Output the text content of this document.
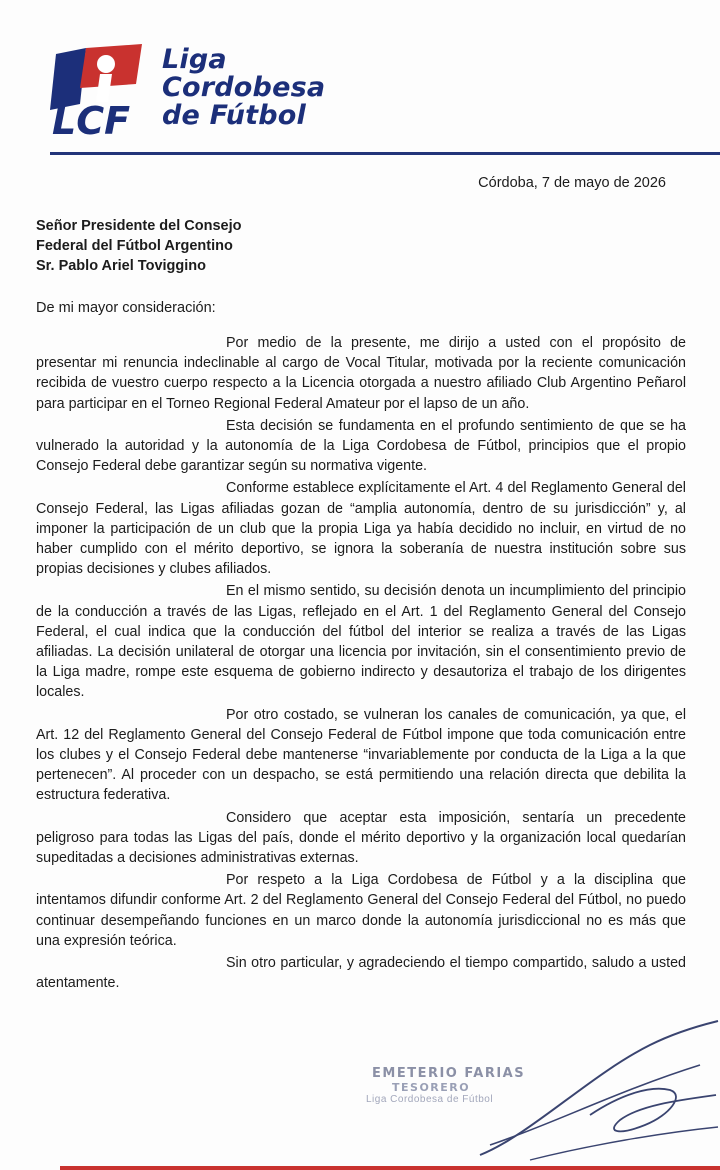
LCF
Liga
Cordobesa
de Fútbol
Córdoba, 7 de mayo de 2026
Señor Presidente del Consejo
Federal del Fútbol Argentino
Sr. Pablo Ariel Toviggino
De mi mayor consideración:

Por medio de la presente, me dirijo a usted con el propósito de presentar mi renuncia indeclinable al cargo de Vocal Titular, motivada por la reciente comunicación recibida de vuestro cuerpo respecto a la Licencia otorgada a nuestro afiliado Club Argentino Peñarol para participar en el Torneo Regional Federal Amateur por el lapso de un año.

Esta decisión se fundamenta en el profundo sentimiento de que se ha vulnerado la autoridad y la autonomía de la Liga Cordobesa de Fútbol, principios que el propio Consejo Federal debe garantizar según su normativa vigente.

Conforme establece explícitamente el Art. 4 del Reglamento General del Consejo Federal, las Ligas afiliadas gozan de “amplia autonomía, dentro de su jurisdicción” y, al imponer la participación de un club que la propia Liga ya había decidido no incluir, en virtud de no haber cumplido con el mérito deportivo, se ignora la soberanía de nuestra institución sobre sus propias decisiones y clubes afiliados.

En el mismo sentido, su decisión denota un incumplimiento del principio de la conducción a través de las Ligas, reflejado en el Art. 1 del Reglamento General del Consejo Federal, el cual indica que la conducción del fútbol del interior se realiza a través de las Ligas afiliadas. La decisión unilateral de otorgar una licencia por invitación, sin el consentimiento previo de la Liga madre, rompe este esquema de gobierno indirecto y desautoriza el trabajo de los dirigentes locales.

Por otro costado, se vulneran los canales de comunicación, ya que, el Art. 12 del Reglamento General del Consejo Federal de Fútbol impone que toda comunicación entre los clubes y el Consejo Federal debe mantenerse “invariablemente por conducta de la Liga a la que pertenecen”. Al proceder con un despacho, se está permitiendo una relación directa que debilita la estructura federativa.

Considero que aceptar esta imposición, sentaría un precedente peligroso para todas las Ligas del país, donde el mérito deportivo y la organización local quedarían supeditadas a decisiones administrativas externas.

Por respeto a la Liga Cordobesa de Fútbol y a la disciplina que intentamos difundir conforme Art. 2 del Reglamento General del Consejo Federal del Fútbol, no puedo continuar desempeñando funciones en un marco donde la autonomía jurisdiccional no es más que una expresión teórica.

Sin otro particular, y agradeciendo el tiempo compartido, saludo a usted atentamente.

EMETERIO FARIAS
TESORERO
Liga Cordobesa de Fútbol
